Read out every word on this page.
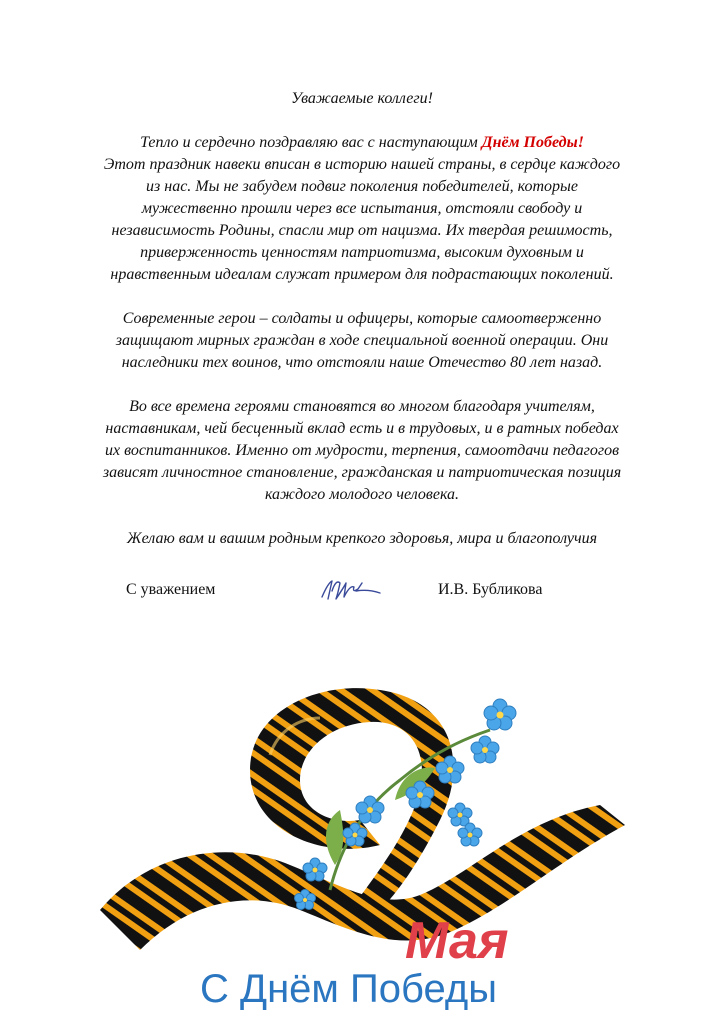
Уважаемые коллеги!

Тепло и сердечно поздравляю вас с наступающим Днём Победы!

Этот праздник навеки вписан в историю нашей страны, в сердце каждого

из нас. Мы не забудем подвиг поколения победителей, которые

мужественно прошли через все испытания, отстояли свободу и

независимость Родины, спасли мир от нацизма. Их твердая решимость,

приверженность ценностям патриотизма, высоким духовным и

нравственным идеалам служат примером для подрастающих поколений.

Современные герои – солдаты и офицеры, которые самоотверженно

защищают мирных граждан в ходе специальной военной операции. Они

наследники тех воинов, что отстояли наше Отечество 80 лет назад.

Во все времена героями становятся во многом благодаря учителям,

наставникам, чей бесценный вклад есть и в трудовых, и в ратных победах

их воспитанников. Именно от мудрости, терпения, самоотдачи педагогов

зависят личностное становление, гражданская и патриотическая позиция

каждого молодого человека.

Желаю вам и вашим родным крепкого здоровья, мира и благополучия

С уважением	И.В. Бубликова
Мая
С Днём Победы
